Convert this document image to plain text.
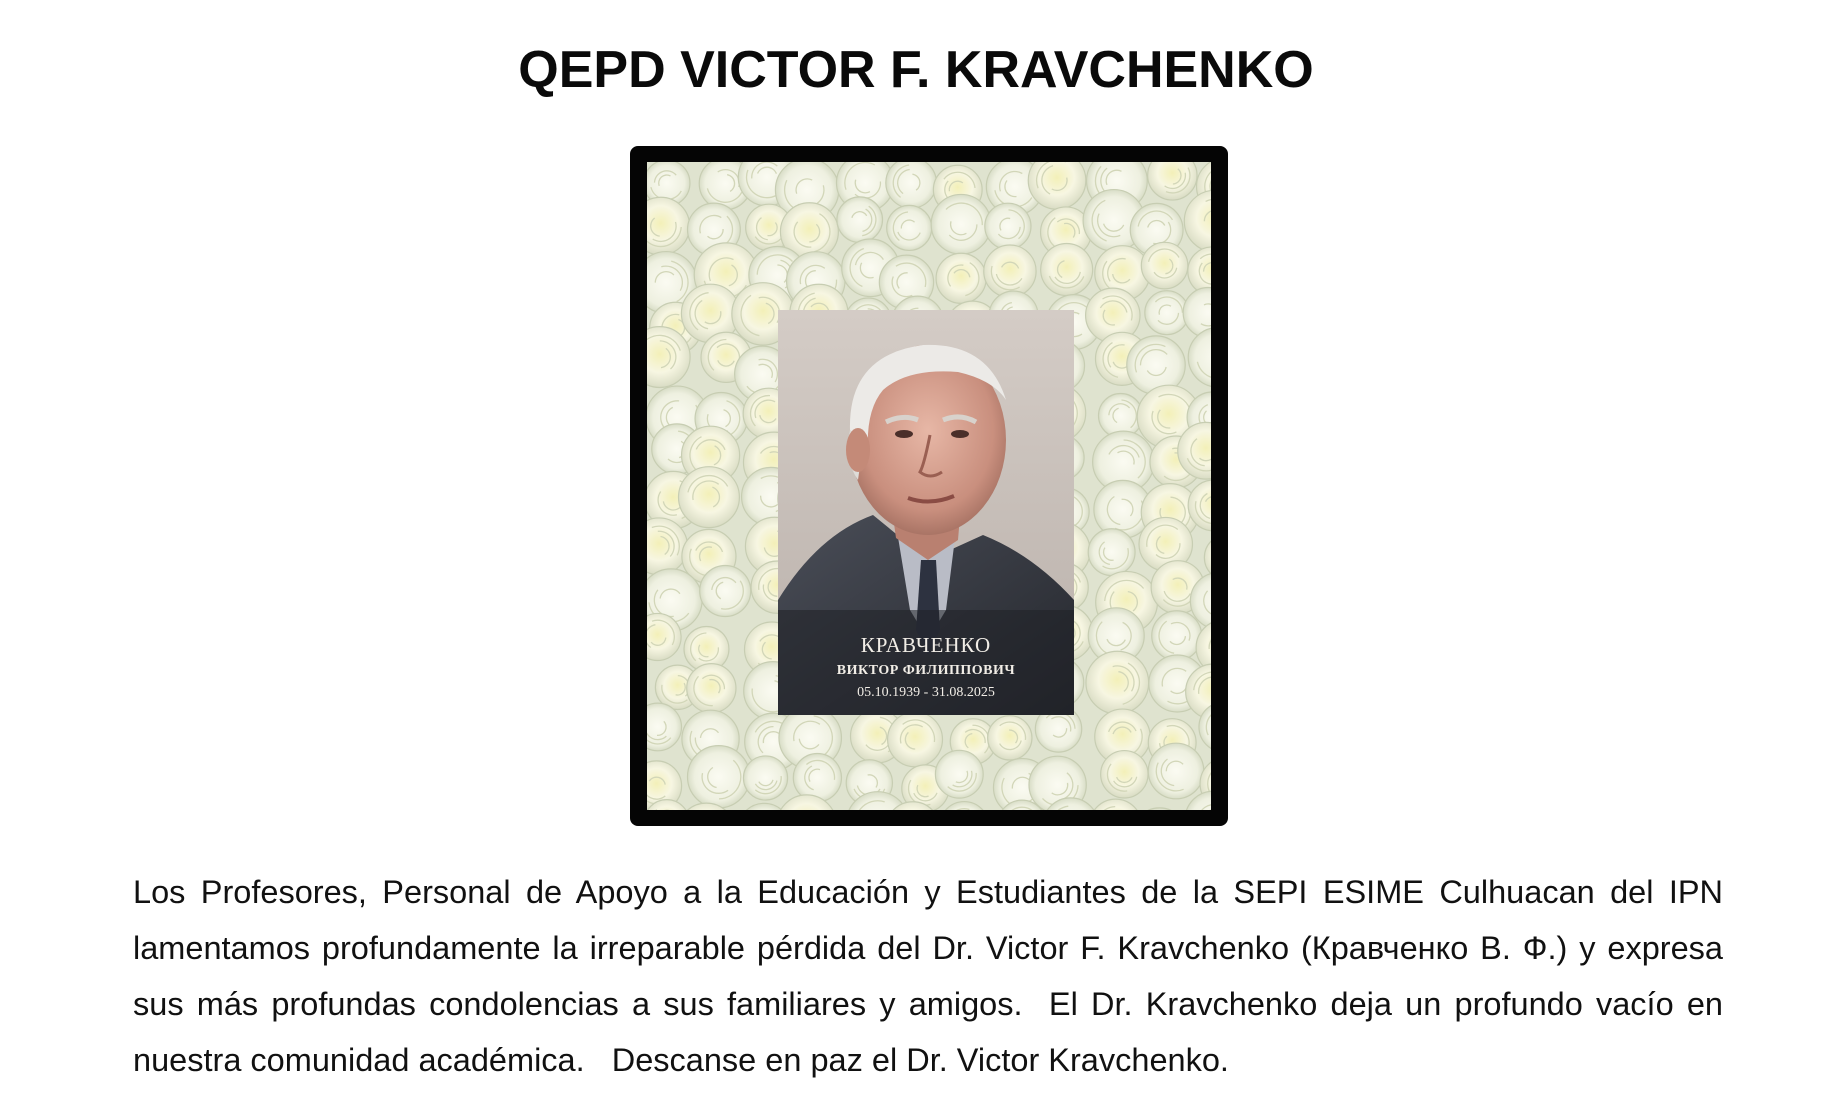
QEPD VICTOR F. KRAVCHENKO
КРАВЧЕНКО
ВИКТОР ФИЛИППОВИЧ
05.10.1939 - 31.08.2025
Los Profesores, Personal de Apoyo a la Educación y Estudiantes de la SEPI ESIME Culhuacan del IPN lamentamos profundamente la irreparable pérdida del Dr. Victor F. Kravchenko (Кравченко В. Ф.) y expresa sus más profundas condolencias a sus familiares y amigos.  El Dr. Kravchenko deja un profundo vacío en nuestra comunidad académica.   Descanse en paz el Dr. Victor Kravchenko.
